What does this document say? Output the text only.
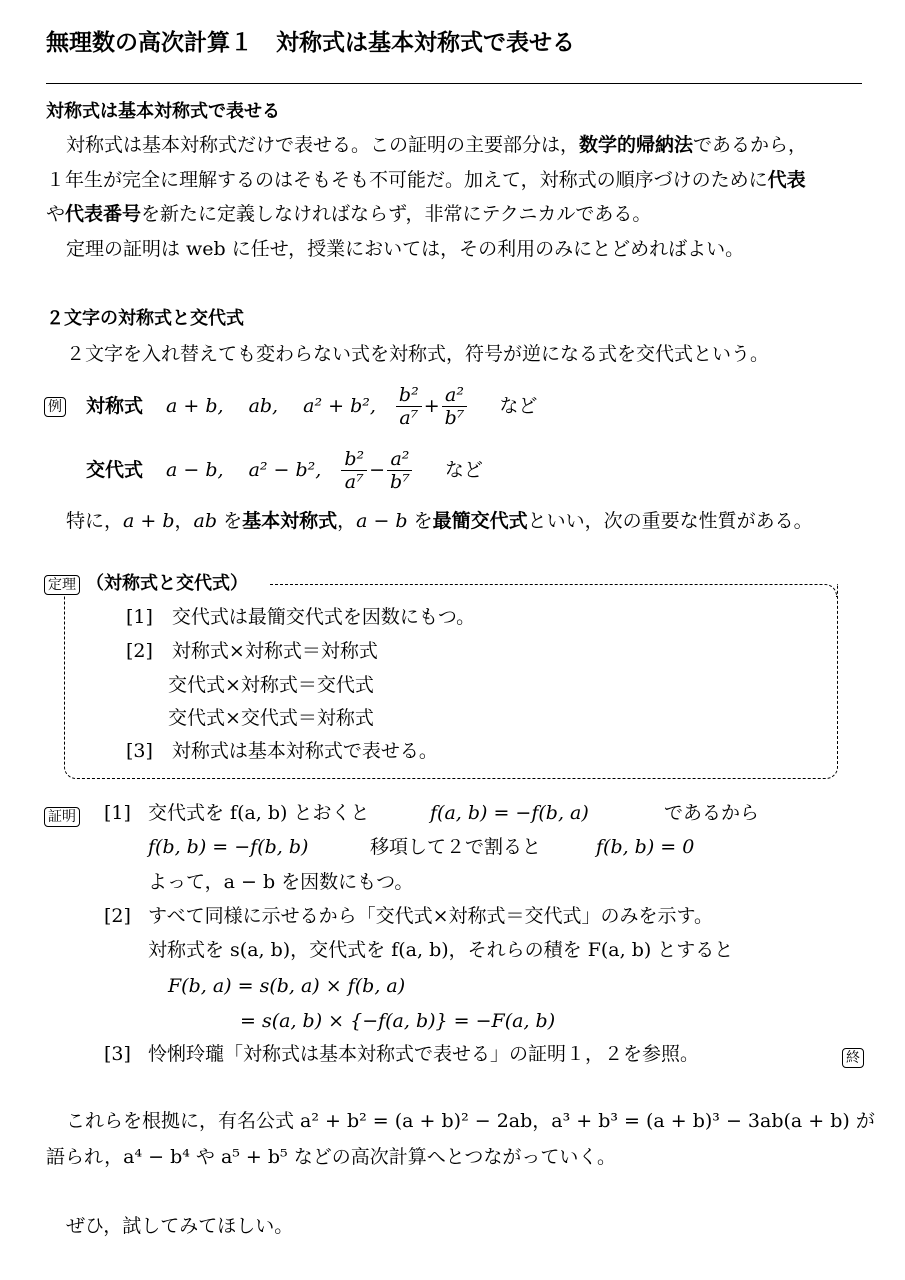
無理数の高次計算１　対称式は基本対称式で表せる
対称式は基本対称式で表せる
対称式は基本対称式だけで表せる。この証明の主要部分は，数学的帰納法であるから，
１年生が完全に理解するのはそもそも不可能だ。加えて，対称式の順序づけのために代表
や代表番号を新たに定義しなければならず，非常にテクニカルである。
定理の証明は web に任せ，授業においては，その利用のみにとどめればよい。
２文字の対称式と交代式
２文字を入れ替えても変わらない式を対称式，符号が逆になる式を交代式という。
例 対称式	a + b,　 ab,　 a² + b², $\frac{\text{b²}}{\text{a⁷}} + \frac{\text{a²}}{\text{b⁷}}$ など
交代式	a − b,　 a² − b², $\frac{\text{b²}}{\text{a⁷}} - \frac{\text{a²}}{\text{b⁷}}$ など
特に，a + b，ab を基本対称式，a − b を最簡交代式といい，次の重要な性質がある。
定理 （対称式と交代式）
[1]　交代式は最簡交代式を因数にもつ。
[2]　対称式×対称式＝対称式
交代式×対称式＝交代式
交代式×交代式＝対称式
[3]　対称式は基本対称式で表せる。
証明 [1] 交代式を f(a, b) とおくと	f(a, b) = −f(b, a)	であるから
f(b, b) = −f(b, b)	移項して２で割ると	f(b, b) = 0
よって，a − b を因数にもつ。
[2] すべて同様に示せるから「交代式×対称式＝交代式」のみを示す。
対称式を s(a, b)，交代式を f(a, b)，それらの積を F(a, b) とすると
F(b, a) = s(b, a) × f(b, a)
= s(a, b) × {−f(a, b)} = −F(a, b)
[3] 怜悧玲瓏「対称式は基本対称式で表せる」の証明１，２を参照。	終
これらを根拠に，有名公式 a² + b² = (a + b)² − 2ab，a³ + b³ = (a + b)³ − 3ab(a + b) が
語られ，a⁴ − b⁴ や a⁵ + b⁵ などの高次計算へとつながっていく。
ぜひ，試してみてほしい。
